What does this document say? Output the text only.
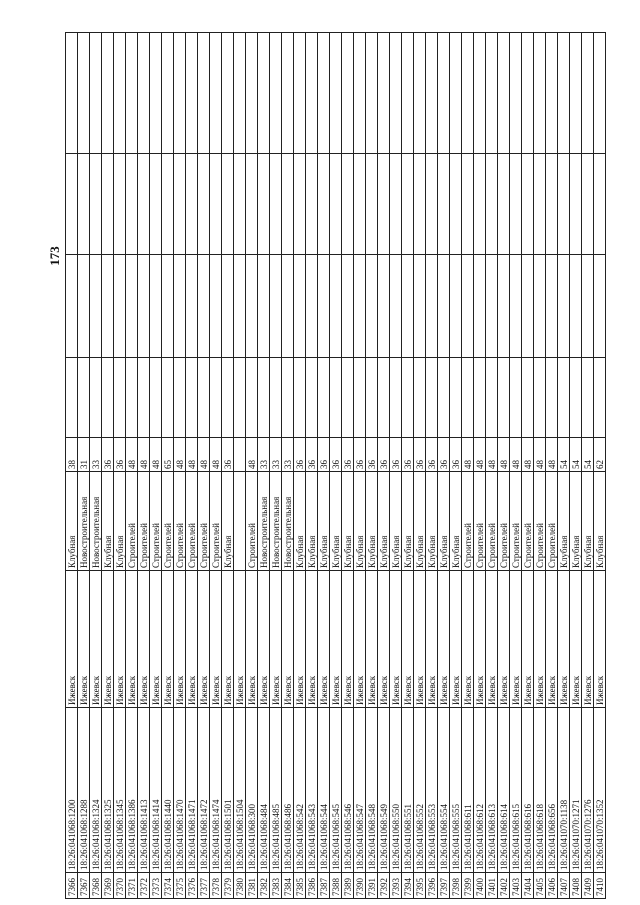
173
7366	18:26:041068:1200	Ижевск	Клубная	38				
7367	18:26:041068:1288	Ижевск	Новостроительная	31				
7368	18:26:041068:1324	Ижевск	Новостроительная	33				
7369	18:26:041068:1325	Ижевск	Клубная	36				
7370	18:26:041068:1345	Ижевск	Клубная	36				
7371	18:26:041068:1386	Ижевск	Строителей	48				
7372	18:26:041068:1413	Ижевск	Строителей	48				
7373	18:26:041068:1414	Ижевск	Строителей	48				
7374	18:26:041068:1440	Ижевск	Строителей	65				
7375	18:26:041068:1470	Ижевск	Строителей	48				
7376	18:26:041068:1471	Ижевск	Строителей	48				
7377	18:26:041068:1472	Ижевск	Строителей	48				
7378	18:26:041068:1474	Ижевск	Строителей	48				
7379	18:26:041068:1501	Ижевск	Клубная	36				
7380	18:26:041068:1504	Ижевск						
7381	18:26:041068:300	Ижевск	Строителей	48				
7382	18:26:041068:484	Ижевск	Новостроительная	33				
7383	18:26:041068:485	Ижевск	Новостроительная	33				
7384	18:26:041068:486	Ижевск	Новостроительная	33				
7385	18:26:041068:542	Ижевск	Клубная	36				
7386	18:26:041068:543	Ижевск	Клубная	36				
7387	18:26:041068:544	Ижевск	Клубная	36				
7388	18:26:041068:545	Ижевск	Клубная	36				
7389	18:26:041068:546	Ижевск	Клубная	36				
7390	18:26:041068:547	Ижевск	Клубная	36				
7391	18:26:041068:548	Ижевск	Клубная	36				
7392	18:26:041068:549	Ижевск	Клубная	36				
7393	18:26:041068:550	Ижевск	Клубная	36				
7394	18:26:041068:551	Ижевск	Клубная	36				
7395	18:26:041068:552	Ижевск	Клубная	36				
7396	18:26:041068:553	Ижевск	Клубная	36				
7397	18:26:041068:554	Ижевск	Клубная	36				
7398	18:26:041068:555	Ижевск	Клубная	36				
7399	18:26:041068:611	Ижевск	Строителей	48				
7400	18:26:041068:612	Ижевск	Строителей	48				
7401	18:26:041068:613	Ижевск	Строителей	48				
7402	18:26:041068:614	Ижевск	Строителей	48				
7403	18:26:041068:615	Ижевск	Строителей	48				
7404	18:26:041068:616	Ижевск	Строителей	48				
7405	18:26:041068:618	Ижевск	Строителей	48				
7406	18:26:041068:656	Ижевск	Строителей	48				
7407	18:26:041070:1138	Ижевск	Клубная	54				
7408	18:26:041070:1271	Ижевск	Клубная	54				
7409	18:26:041070:1276	Ижевск	Клубная	54				
7410	18:26:041070:1352	Ижевск	Клубная	62				
